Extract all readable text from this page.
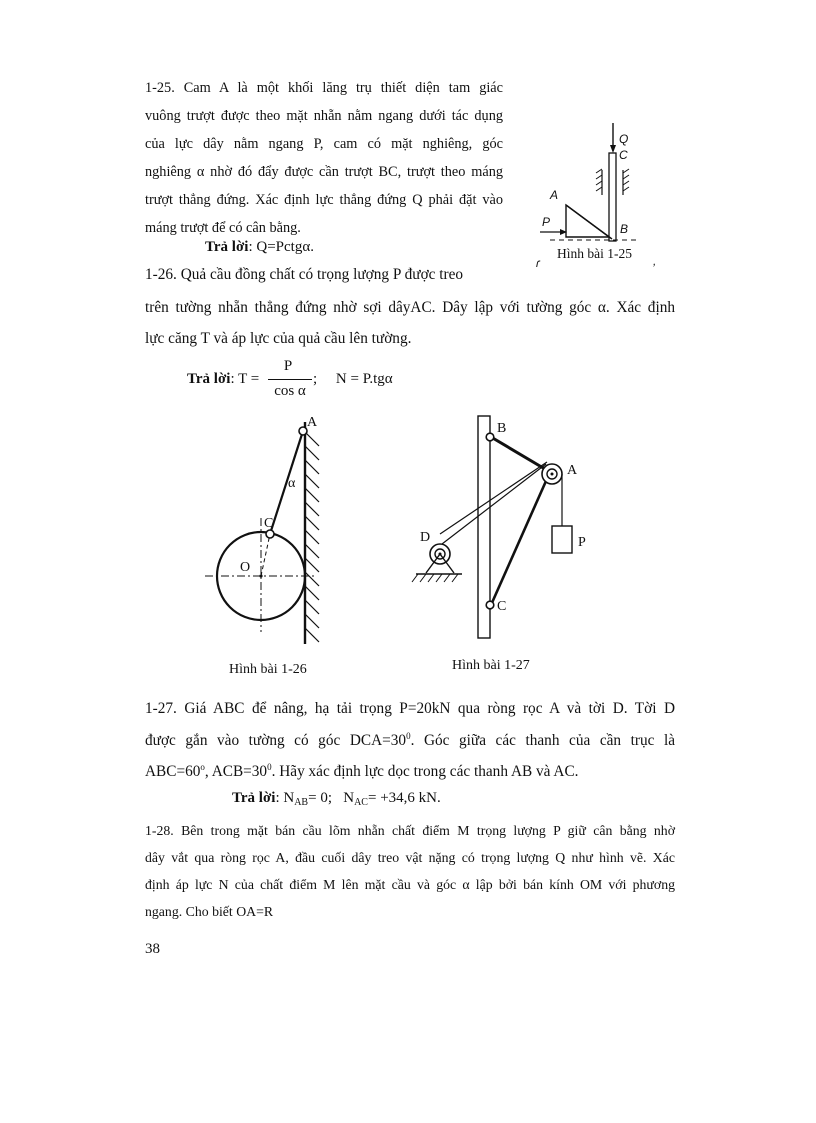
1-25. Cam A là một khối lăng trụ thiết diện tam giác
vuông trượt được theo mặt nhẵn nằm ngang dưới tác dụng
của lực dây nằm ngang P, cam có mặt nghiêng, góc
nghiêng α nhờ đó đẩy được cần trượt BC, trượt theo máng
trượt thẳng đứng. Xác định lực thẳng đứng Q phải đặt vào
máng trượt để có cân bằng.
Trả lời: Q=Pctgα.
Q
C
A
B
P
ɾ	,
Hình bài 1-25
1-26. Quả cầu đồng chất có trọng lượng P được treo
trên tường nhẵn thẳng đứng nhờ sợi dâyAC. Dây lập với tường góc α. Xác định
lực căng T và áp lực của quả cầu lên tường.
Trả lời: T =
P
cos α
;     N = P.tgα
A
α
C
O
Hình bài 1-26
B
A
D	P
C
Hình bài 1-27
1-27. Giá ABC để nâng, hạ tải trọng P=20kN qua ròng rọc A và tời D. Tời D
được gắn vào tường có góc $DCA=30^0$. Góc giữa các thanh của cần trục là
$ABC=60^o$, $ACB=30^0$. Hãy xác định lực dọc trong các thanh AB và AC.
Trả lời: $N_{AB}= 0$;   $N_{AC}= +34,6$ kN.
1-28. Bên trong mặt bán cầu lõm nhẵn chất điểm M trọng lượng P giữ cân bằng nhờ
dây vắt qua ròng rọc A, đầu cuối dây treo vật nặng có trọng lượng Q như hình vẽ. Xác
định áp lực N của chất điểm M lên mặt cầu và góc α lập bởi bán kính OM với phương
ngang. Cho biết OA=R
38
